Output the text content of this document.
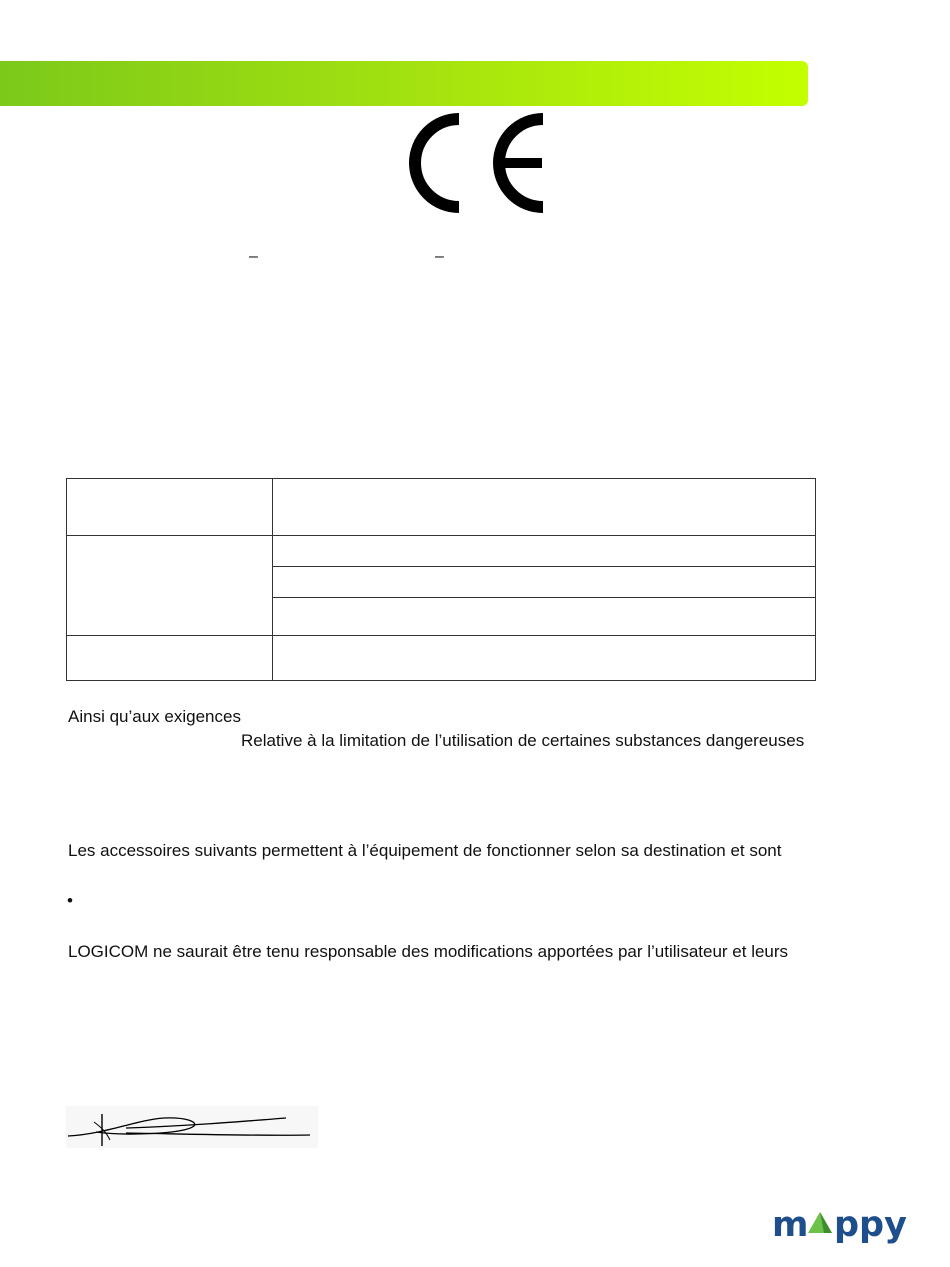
–	–

Ainsi qu’aux exigences
Relative à la limitation de l’utilisation de certaines substances dangereuses
Les accessoires suivants permettent à l’équipement de fonctionner selon sa destination et sont
•
LOGICOM ne saurait être tenu responsable des modifications apportées par l’utilisateur et leurs
m ppy
